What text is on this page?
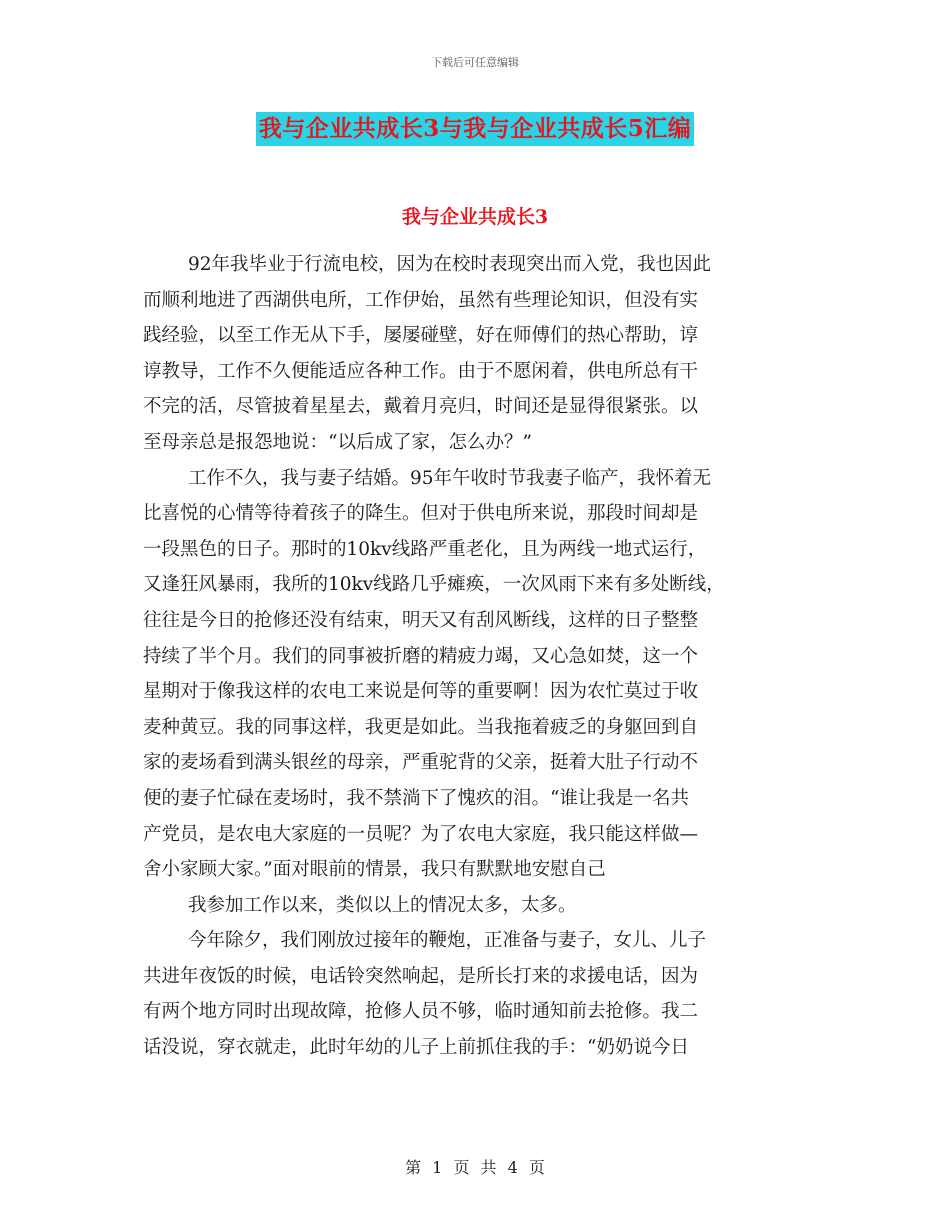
下载后可任意编辑
我与企业共成长3与我与企业共成长5汇编
我与企业共成长3
92年我毕业于行流电校，因为在校时表现突出而入党，我也因此
而顺利地进了西湖供电所，工作伊始，虽然有些理论知识，但没有实
践经验，以至工作无从下手，屡屡碰壁，好在师傅们的热心帮助，谆
谆教导，工作不久便能适应各种工作。由于不愿闲着，供电所总有干
不完的活，尽管披着星星去，戴着月亮归，时间还是显得很紧张。以
至母亲总是报怨地说：“以后成了家，怎么办？”
工作不久，我与妻子结婚。95年午收时节我妻子临产，我怀着无
比喜悦的心情等待着孩子的降生。但对于供电所来说，那段时间却是
一段黑色的日子。那时的10kv线路严重老化，且为两线一地式运行，
又逢狂风暴雨，我所的10kv线路几乎瘫痪，一次风雨下来有多处断线，
往往是今日的抢修还没有结束，明天又有刮风断线，这样的日子整整
持续了半个月。我们的同事被折磨的精疲力竭，又心急如焚，这一个
星期对于像我这样的农电工来说是何等的重要啊！因为农忙莫过于收
麦种黄豆。我的同事这样，我更是如此。当我拖着疲乏的身躯回到自
家的麦场看到满头银丝的母亲，严重驼背的父亲，挺着大肚子行动不
便的妻子忙碌在麦场时，我不禁淌下了愧疚的泪。“谁让我是一名共
产党员，是农电大家庭的一员呢？为了农电大家庭，我只能这样做—
舍小家顾大家。”面对眼前的情景，我只有默默地安慰自己
我参加工作以来，类似以上的情况太多，太多。
今年除夕，我们刚放过接年的鞭炮，正准备与妻子，女儿、儿子
共进年夜饭的时候，电话铃突然响起，是所长打来的求援电话，因为
有两个地方同时出现故障，抢修人员不够，临时通知前去抢修。我二
话没说，穿衣就走，此时年幼的儿子上前抓住我的手：“奶奶说今日
第 1 页 共 4 页
